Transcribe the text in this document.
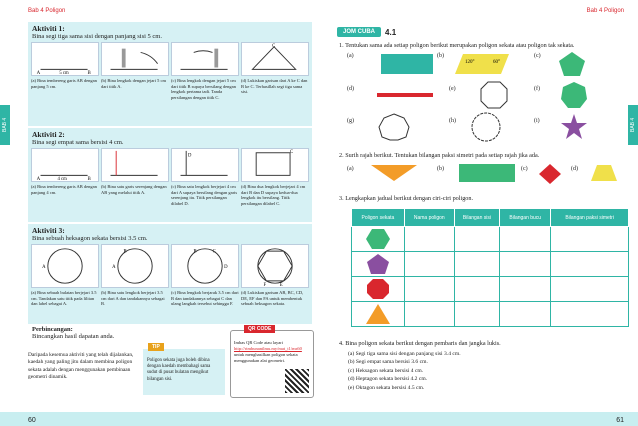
Bab 4 Poligon
BAB 4
Aktiviti 1:
Bina segi tiga sama sisi dengan panjang sisi 5 cm.
A	5 cm	B
(a) Bina tembereng garis AB dengan panjang 5 cm.
(b) Bina lengkok dengan jejari 5 cm dari titik A.
(c) Bina lengkok dengan jejari 5 cm dari titik B supaya bersilang dengan lengkok pertama tadi. Tanda persilangan dengan titik C.
C
(d) Lukiskan garisan dari A ke C dan B ke C. Terhasillah segi tiga sama sisi.
Aktiviti 2:
Bina segi empat sama bersisi 4 cm.
A	4 cm	B
(a) Bina tembereng garis AB dengan panjang 4 cm.
(b) Bina satu garis serenjang dengan AB yang melalui titik A.
D
(c) Bina satu lengkok berjejari 4 cm dari A supaya bersilang dengan garis serenjang itu. Titik persilangan dilabel D.
C
(d) Bina dua lengkok berjejari 4 cm dari B dan D supaya kedua-dua lengkok itu bersilang. Titik persilangan dilabel C.
Aktiviti 3:
Bina sebuah heksagon sekata bersisi 3.5 cm.
A
(a) Bina sebuah bulatan berjejari 3.5 cm. Tandakan satu titik pada lilitan dan label sebagai A.
A
B
(b) Bina satu lengkok berjejari 3.5 cm dari A dan tandakannya sebagai B.
B	C
D
(c) Bina lengkok berjarak 3.5 cm dari B dan tandakannya sebagai C dan ulang langkah tersebut sehingga F.
E
F
(d) Lukiskan garisan AB, BC, CD, DE, EF dan FA untuk membentuk sebuah heksagon sekata.
Perbincangan:
Bincangkan hasil dapatan anda.
Daripada kesemua aktiviti yang telah dijalankan, kaedah yang paling jitu dalam membina poligon sekata adalah dengan menggunakan pembinaan geometri dinamik.
Poligon sekata juga boleh dibina dengan kaedah membahagi sama sudut di pusat bulatan mengikut bilangan sisi.
TIP
Imbas QR Code atau layari http://rimbunanilmu.my/mat_t1/ms60 untuk menghasilkan poligon sekata menggunakan alat geometri.
QR CODE
60
Bab 4 Poligon
BAB 4
JOM CUBA	4.1
1. Tentukan sama ada setiap poligon berikut merupakan poligon sekata atau poligon tak sekata.
(a)	(b)
120°	60°
(c)
(d)	(e)	(f)
(g)	(h)	(i)
2. Surih rajah berikut. Tentukan bilangan paksi simetri pada setiap rajah jika ada.
(a)	(b)	(c)	(d)
3. Lengkapkan jadual berikut dengan ciri-ciri poligon.
Poligon sekata	Nama poligon	Bilangan sisi	Bilangan bucu	Bilangan paksi simetri

4. Bina poligon sekata berikut dengan pembaris dan jangka lukis.
(a) Segi tiga sama sisi dengan panjang sisi 3.4 cm.
(b) Segi empat sama bersisi 3.6 cm.
(c) Heksagon sekata bersisi 4 cm.
(d) Heptagon sekata bersisi 4.2 cm.
(e) Oktagon sekata bersisi 4.5 cm.
61
